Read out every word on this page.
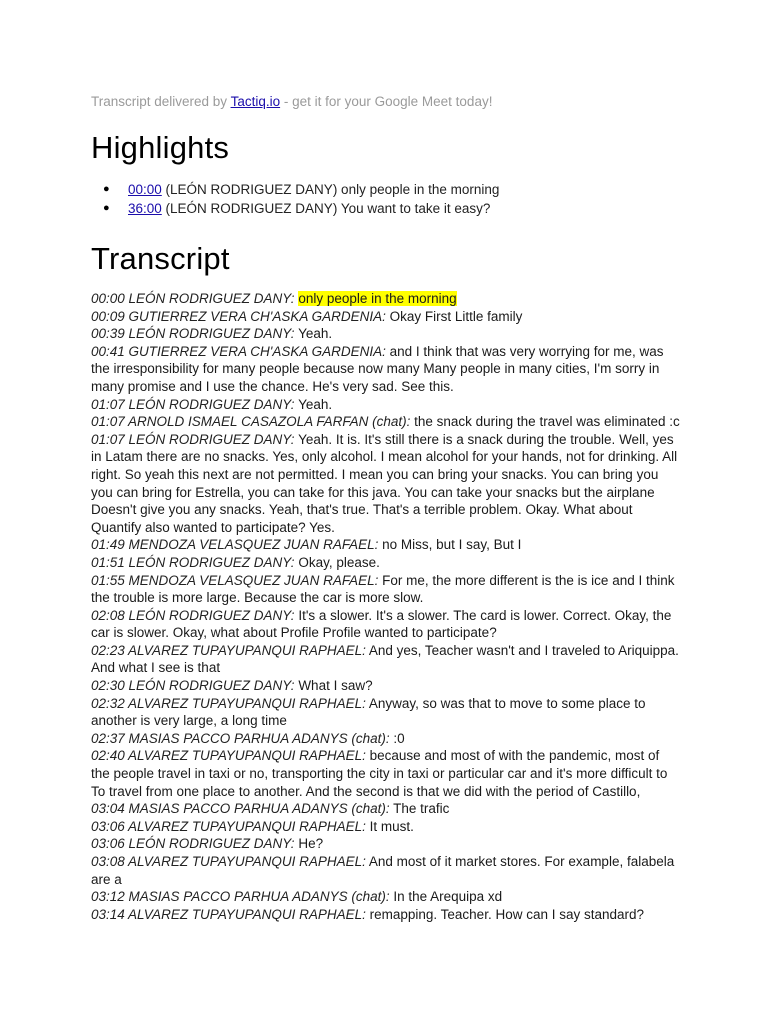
Transcript delivered by Tactiq.io - get it for your Google Meet today!

Highlights
● 00:00 (LEÓN RODRIGUEZ DANY) only people in the morning
● 36:00 (LEÓN RODRIGUEZ DANY) You want to take it easy?
Transcript

00:00 LEÓN RODRIGUEZ DANY: only people in the morning

00:09 GUTIERREZ VERA CH'ASKA GARDENIA: Okay First Little family

00:39 LEÓN RODRIGUEZ DANY: Yeah.

00:41 GUTIERREZ VERA CH'ASKA GARDENIA: and I think that was very worrying for me, was the irresponsibility for many people because now many Many people in many cities, I'm sorry in many promise and I use the chance. He's very sad. See this.

01:07 LEÓN RODRIGUEZ DANY: Yeah.

01:07 ARNOLD ISMAEL CASAZOLA FARFAN (chat): the snack during the travel was eliminated :c

01:07 LEÓN RODRIGUEZ DANY: Yeah. It is. It's still there is a snack during the trouble. Well, yes in Latam there are no snacks. Yes, only alcohol. I mean alcohol for your hands, not for drinking. All right. So yeah this next are not permitted. I mean you can bring your snacks. You can bring you you can bring for Estrella, you can take for this java. You can take your snacks but the airplane Doesn't give you any snacks. Yeah, that's true. That's a terrible problem. Okay. What about Quantify also wanted to participate? Yes.

01:49 MENDOZA VELASQUEZ JUAN RAFAEL: no Miss, but I say, But I

01:51 LEÓN RODRIGUEZ DANY: Okay, please.

01:55 MENDOZA VELASQUEZ JUAN RAFAEL: For me, the more different is the is ice and I think the trouble is more large. Because the car is more slow.

02:08 LEÓN RODRIGUEZ DANY: It's a slower. It's a slower. The card is lower. Correct. Okay, the car is slower. Okay, what about Profile Profile wanted to participate?

02:23 ALVAREZ TUPAYUPANQUI RAPHAEL: And yes, Teacher wasn't and I traveled to Ariquippa. And what I see is that

02:30 LEÓN RODRIGUEZ DANY: What I saw?

02:32 ALVAREZ TUPAYUPANQUI RAPHAEL: Anyway, so was that to move to some place to another is very large, a long time

02:37 MASIAS PACCO PARHUA ADANYS (chat): :0

02:40 ALVAREZ TUPAYUPANQUI RAPHAEL: because and most of with the pandemic, most of the people travel in taxi or no, transporting the city in taxi or particular car and it's more difficult to To travel from one place to another. And the second is that we did with the period of Castillo,

03:04 MASIAS PACCO PARHUA ADANYS (chat): The trafic

03:06 ALVAREZ TUPAYUPANQUI RAPHAEL: It must.

03:06 LEÓN RODRIGUEZ DANY: He?

03:08 ALVAREZ TUPAYUPANQUI RAPHAEL: And most of it market stores. For example, falabela are a

03:12 MASIAS PACCO PARHUA ADANYS (chat): In the Arequipa xd

03:14 ALVAREZ TUPAYUPANQUI RAPHAEL: remapping. Teacher. How can I say standard?
